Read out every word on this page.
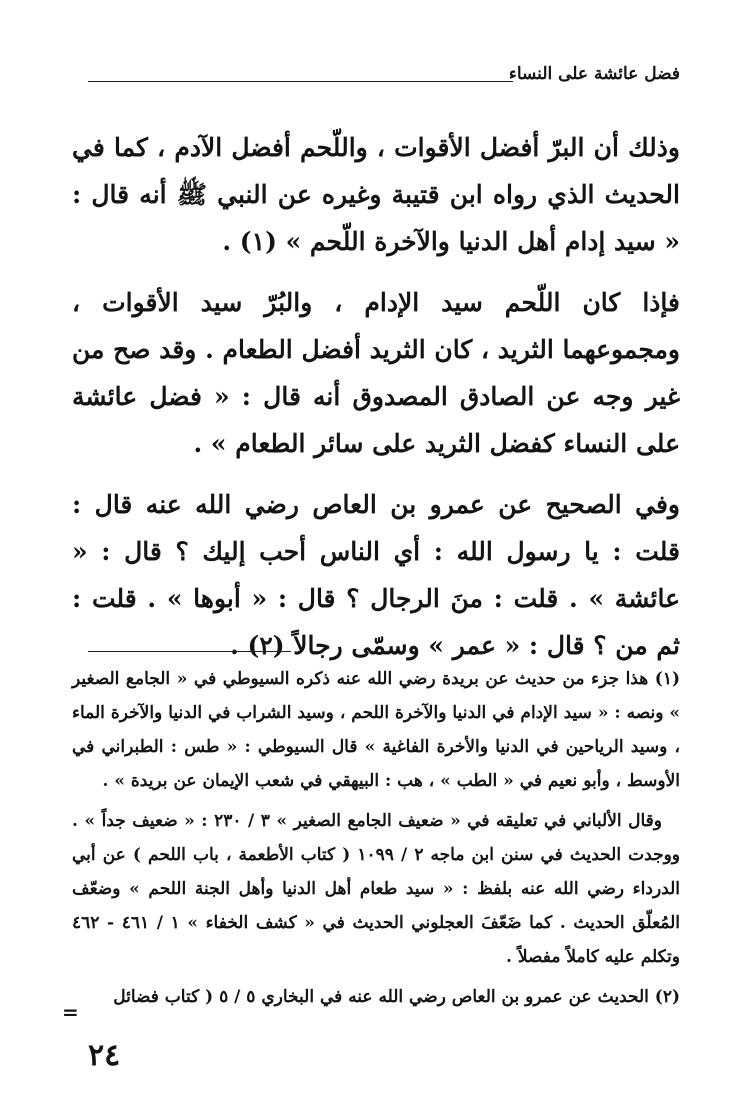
فضل عائشة على النساء

وذلك أن البرّ أفضل الأقوات ، واللّحم أفضل الآدم ، كما في الحديث الذي رواه ابن قتيبة وغيره عن النبي ﷺ أنه قال : « سيد إدام أهل الدنيا والآخرة اللّحم » (١) .

فإذا كان اللّحم سيد الإدام ، والبُرّ سيد الأقوات ، ومجموعهما الثريد ، كان الثريد أفضل الطعام . وقد صح من غير وجه عن الصادق المصدوق أنه قال : « فضل عائشة على النساء كفضل الثريد على سائر الطعام » .

وفي الصحيح عن عمرو بن العاص رضي الله عنه قال : قلت : يا رسول الله : أي الناس أحب إليك ؟ قال : « عائشة » . قلت : منَ الرجال ؟ قال : « أبوها » . قلت : ثم من ؟ قال : « عمر » وسمّى رجالاً (٢) .

(١) هذا جزء من حديث عن بريدة رضي الله عنه ذكره السيوطي في « الجامع الصغير » ونصه : « سيد الإدام في الدنيا والآخرة اللحم ، وسيد الشراب في الدنيا والآخرة الماء ، وسيد الرياحين في الدنيا والأخرة الفاغية » قال السيوطي : « طس : الطبراني في الأوسط ، وأبو نعيم في « الطب » ، هب : البيهقي في شعب الإيمان عن بريدة » .

وقال الألباني في تعليقه في « ضعيف الجامع الصغير » ٣ / ٢٣٠ : « ضعيف جداً » . ووجدت الحديث في سنن ابن ماجه ٢ / ١٠٩٩ ( كتاب الأطعمة ، باب اللحم ) عن أبي الدرداء رضي الله عنه بلفظ : « سيد طعام أهل الدنيا وأهل الجنة اللحم » وضعّف المُعلّق الحديث . كما ضَعّفَ العجلوني الحديث في « كشف الخفاء » ١ / ٤٦١ - ٤٦٢ وتكلم عليه كاملاً مفصلاً .

(٢) الحديث عن عمرو بن العاص رضي الله عنه في البخاري ٥ / ٥ ( كتاب فضائل

=
٢٤
